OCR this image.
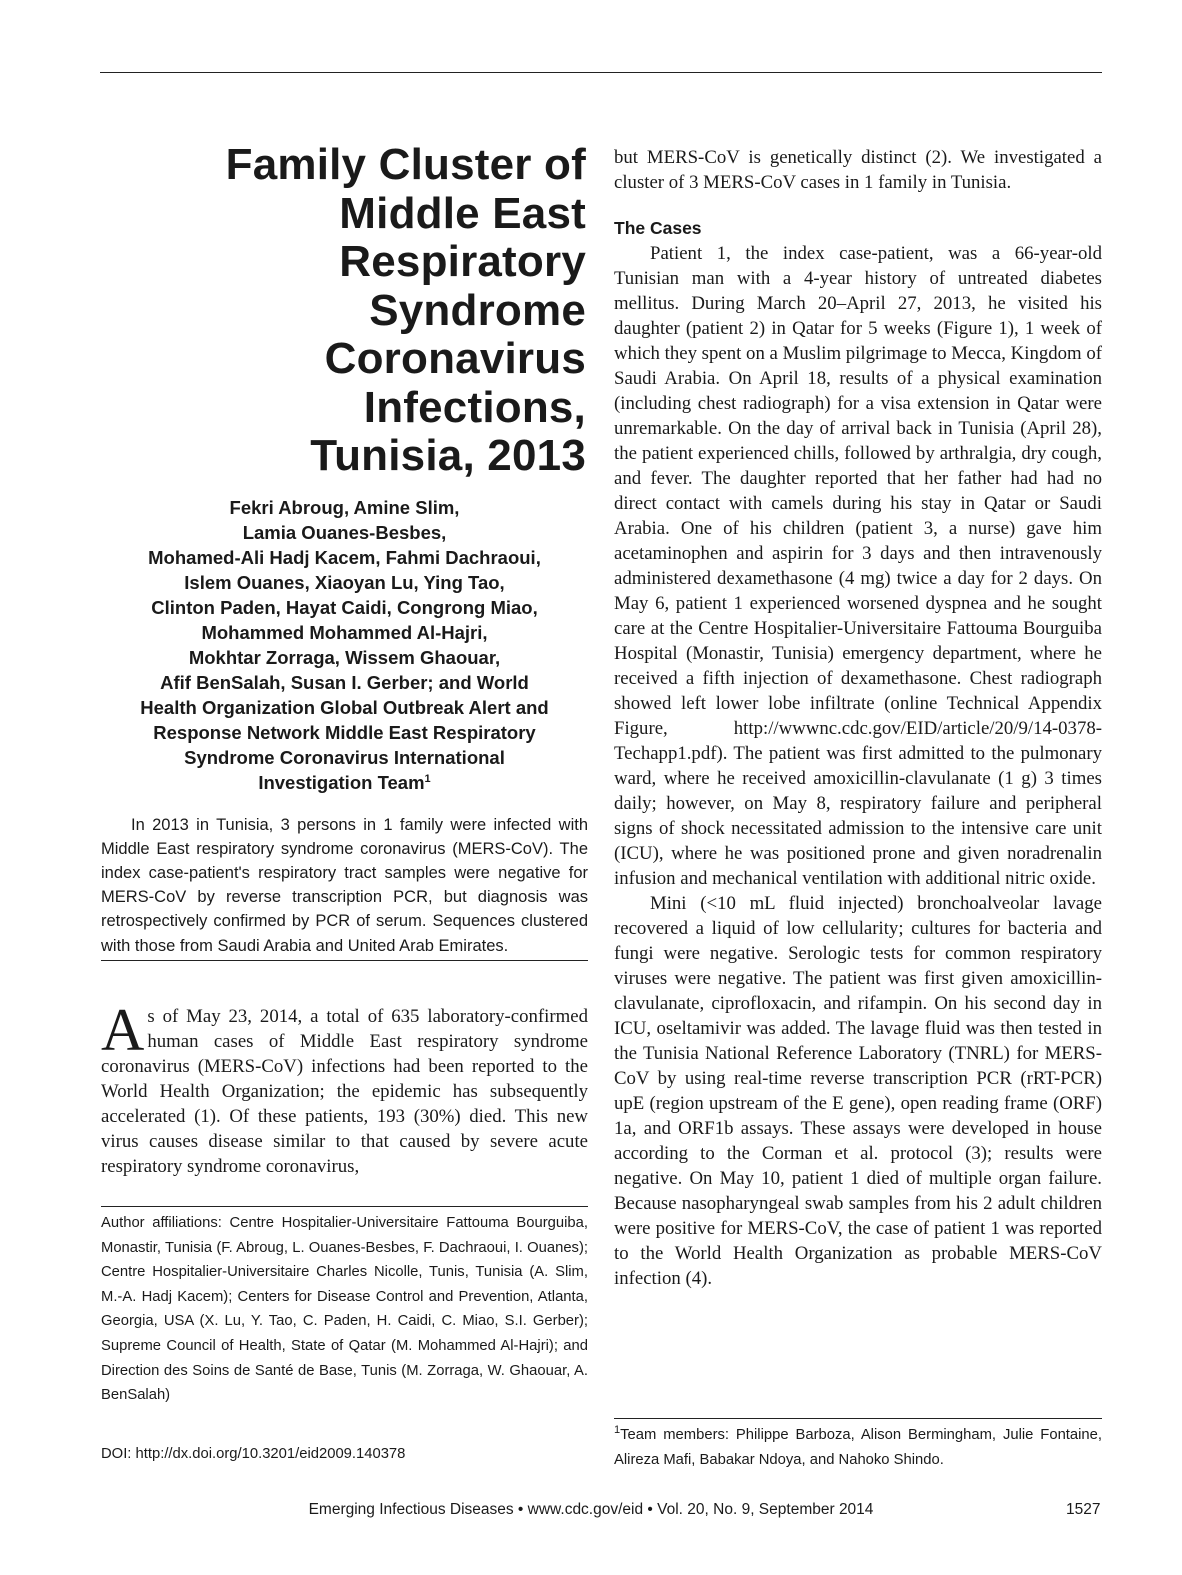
Family Cluster of
Middle East
Respiratory
Syndrome
Coronavirus
Infections,
Tunisia, 2013
Fekri Abroug, Amine Slim,
Lamia Ouanes-Besbes,
Mohamed-Ali Hadj Kacem, Fahmi Dachraoui,
Islem Ouanes, Xiaoyan Lu, Ying Tao,
Clinton Paden, Hayat Caidi, Congrong Miao,
Mohammed Mohammed Al-Hajri,
Mokhtar Zorraga, Wissem Ghaouar,
Afif BenSalah, Susan I. Gerber; and World
Health Organization Global Outbreak Alert and
Response Network Middle East Respiratory
Syndrome Coronavirus International
Investigation Team$^1$

In 2013 in Tunisia, 3 persons in 1 family were infected with Middle East respiratory syndrome coronavirus (MERS-CoV). The index case-patient's respiratory tract samples were negative for MERS-CoV by reverse transcription PCR, but diagnosis was retrospectively confirmed by PCR of serum. Sequences clustered with those from Saudi Arabia and United Arab Emirates.

As of May 23, 2014, a total of 635 laboratory-confirmed human cases of Middle East respiratory syndrome coronavirus (MERS-CoV) infections had been reported to the World Health Organization; the epidemic has subsequently accelerated (1). Of these patients, 193 (30%) died. This new virus causes disease similar to that caused by severe acute respiratory syndrome coronavirus,

Author affiliations: Centre Hospitalier-Universitaire Fattouma Bourguiba, Monastir, Tunisia (F. Abroug, L. Ouanes-Besbes, F. Dachraoui, I. Ouanes); Centre Hospitalier-Universitaire Charles Nicolle, Tunis, Tunisia (A. Slim, M.-A. Hadj Kacem); Centers for Disease Control and Prevention, Atlanta, Georgia, USA (X. Lu, Y. Tao, C. Paden, H. Caidi, C. Miao, S.I. Gerber); Supreme Council of Health, State of Qatar (M. Mohammed Al-Hajri); and Direction des Soins de Santé de Base, Tunis (M. Zorraga, W. Ghaouar, A. BenSalah)
DOI: http://dx.doi.org/10.3201/eid2009.140378

but MERS-CoV is genetically distinct (2). We investigated a cluster of 3 MERS-CoV cases in 1 family in Tunisia.

The Cases

Patient 1, the index case-patient, was a 66-year-old Tunisian man with a 4-year history of untreated diabetes mellitus. During March 20–April 27, 2013, he visited his daughter (patient 2) in Qatar for 5 weeks (Figure 1), 1 week of which they spent on a Muslim pilgrimage to Mecca, Kingdom of Saudi Arabia. On April 18, results of a physical examination (including chest radiograph) for a visa extension in Qatar were unremarkable. On the day of arrival back in Tunisia (April 28), the patient experienced chills, followed by arthralgia, dry cough, and fever. The daughter reported that her father had had no direct contact with camels during his stay in Qatar or Saudi Arabia. One of his children (patient 3, a nurse) gave him acetaminophen and aspirin for 3 days and then intravenously administered dexamethasone (4 mg) twice a day for 2 days. On May 6, patient 1 experienced worsened dyspnea and he sought care at the Centre Hospitalier-Universitaire Fattouma Bourguiba Hospital (Monastir, Tunisia) emergency department, where he received a fifth injection of dexamethasone. Chest radiograph showed left lower lobe infiltrate (online Technical Appendix Figure, http://wwwnc.cdc.gov/EID/article/20/9/14-0378-Techapp1.pdf). The patient was first admitted to the pulmonary ward, where he received amoxicillin-clavulanate (1 g) 3 times daily; however, on May 8, respiratory failure and peripheral signs of shock necessitated admission to the intensive care unit (ICU), where he was positioned prone and given noradrenalin infusion and mechanical ventilation with additional nitric oxide.

Mini (<10 mL fluid injected) bronchoalveolar lavage recovered a liquid of low cellularity; cultures for bacteria and fungi were negative. Serologic tests for common respiratory viruses were negative. The patient was first given amoxicillin-clavulanate, ciprofloxacin, and rifampin. On his second day in ICU, oseltamivir was added. The lavage fluid was then tested in the Tunisia National Reference Laboratory (TNRL) for MERS-CoV by using real-time reverse transcription PCR (rRT-PCR) upE (region upstream of the E gene), open reading frame (ORF) 1a, and ORF1b assays. These assays were developed in house according to the Corman et al. protocol (3); results were negative. On May 10, patient 1 died of multiple organ failure. Because nasopharyngeal swab samples from his 2 adult children were positive for MERS-CoV, the case of patient 1 was reported to the World Health Organization as probable MERS-CoV infection (4).

$^1$Team members: Philippe Barboza, Alison Bermingham, Julie Fontaine, Alireza Mafi, Babakar Ndoya, and Nahoko Shindo.
Emerging Infectious Diseases • www.cdc.gov/eid • Vol. 20, No. 9, September 2014	1527
